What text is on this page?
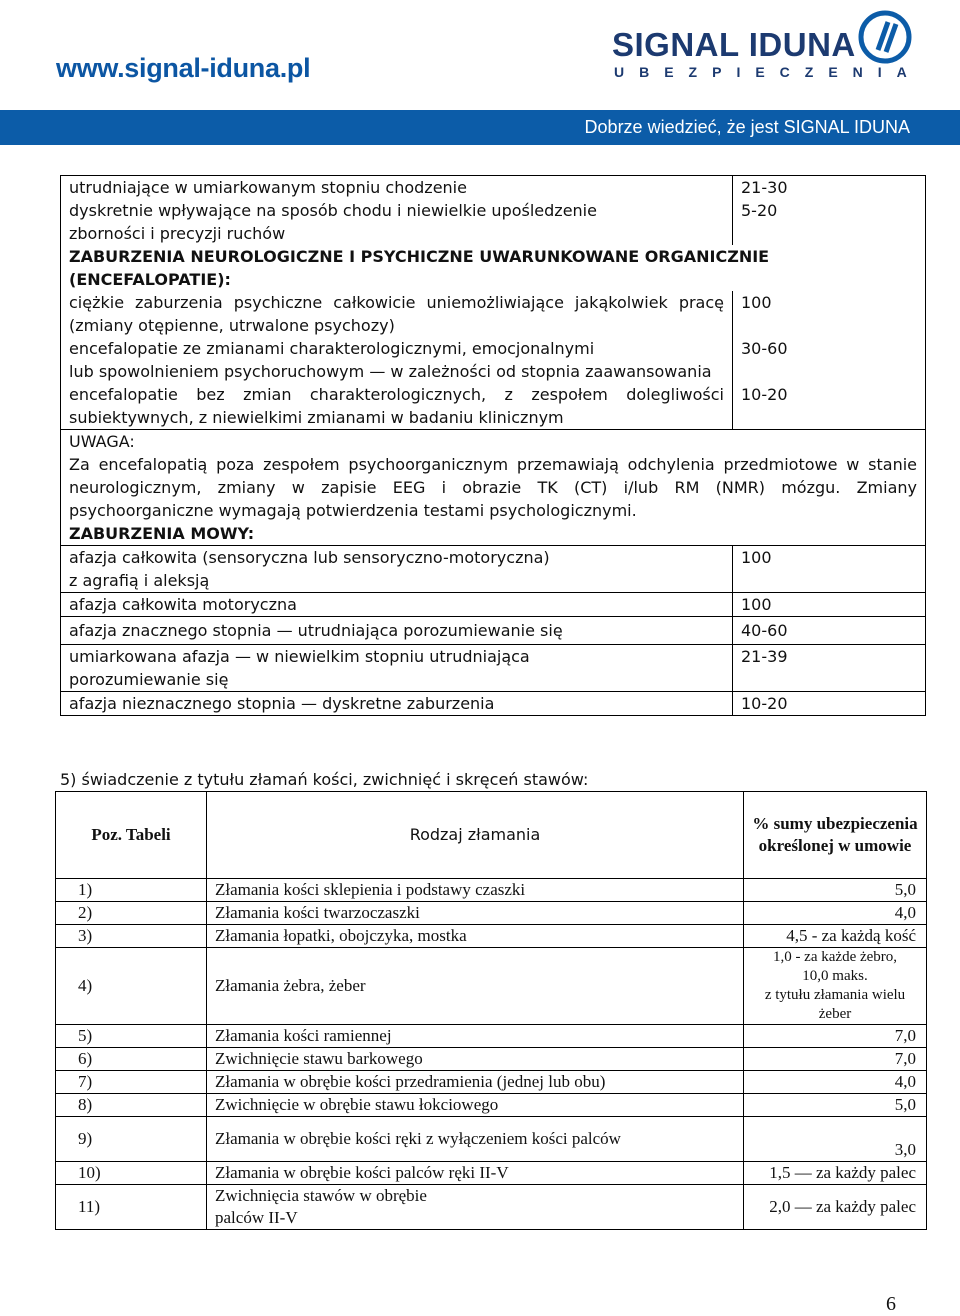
www.signal-iduna.pl
SIGNAL IDUNA
UBEZPIECZENIA
Dobrze wiedzieć, że jest SIGNAL IDUNA
utrudniające w umiarkowanym stopniu chodzenie	21-30
dyskretnie wpływające na sposób chodu i niewielkie upośledzenie
zborności i precyzji ruchów	5-20
ZABURZENIA NEUROLOGICZNE I PSYCHICZNE UWARUNKOWANE ORGANICZNIE
(ENCEFALOPATIE):	

ciężkie zaburzenia psychiczne całkowicie uniemożliwiające jakąkolwiek pracę
(zmiany otępienne, utrwalone psychozy)	100

encefalopatie ze zmianami charakterologicznymi, emocjonalnymi
lub spowolnieniem psychoruchowym — w zależności od stopnia zaawansowania	30-60

encefalopatie bez zmian charakterologicznych, z zespołem dolegliwości
subiektywnych, z niewielkimi zmianami w badaniu klinicznym	10-20

UWAGA:
Za encefalopatią poza zespołem psychoorganicznym przemawiają odchylenia przedmiotowe w stanie neurologicznym, zmiany w zapisie EEG i obrazie TK (CT) i/lub RM (NMR) mózgu. Zmiany psychoorganiczne wymagają potwierdzenia testami psychologicznymi.
ZABURZENIA MOWY:	

afazja całkowita (sensoryczna lub sensoryczno-motoryczna)
z agrafią i aleksją	100
afazja całkowita motoryczna	100
afazja znacznego stopnia — utrudniająca porozumiewanie się	40-60
umiarkowana afazja — w niewielkim stopniu utrudniająca
porozumiewanie się	21-39
afazja nieznacznego stopnia — dyskretne zaburzenia	10-20
5) świadczenie z tytułu złamań kości, zwichnięć i skręceń stawów:
Poz. Tabeli	Rodzaj złamania	% sumy ubezpieczenia określonej w umowie
1)	Złamania kości sklepienia i podstawy czaszki	5,0
2)	Złamania kości twarzoczaszki	4,0
3)	Złamania łopatki, obojczyka, mostka	4,5 - za każdą kość
4)	Złamania żebra, żeber	1,0 - za każde żebro,
10,0 maks.
z tytułu złamania wielu
żeber
5)	Złamania kości ramiennej	7,0
6)	Zwichnięcie stawu barkowego	7,0
7)	Złamania w obrębie kości przedramienia (jednej lub obu)	4,0
8)	Zwichnięcie w obrębie stawu łokciowego	5,0
9)	Złamania w obrębie kości ręki z wyłączeniem kości palców	3,0
10)	Złamania w obrębie kości palców ręki II-V	1,5 — za każdy palec
11)	Zwichnięcia stawów w obrębie
palców II-V	2,0 — za każdy palec
6
